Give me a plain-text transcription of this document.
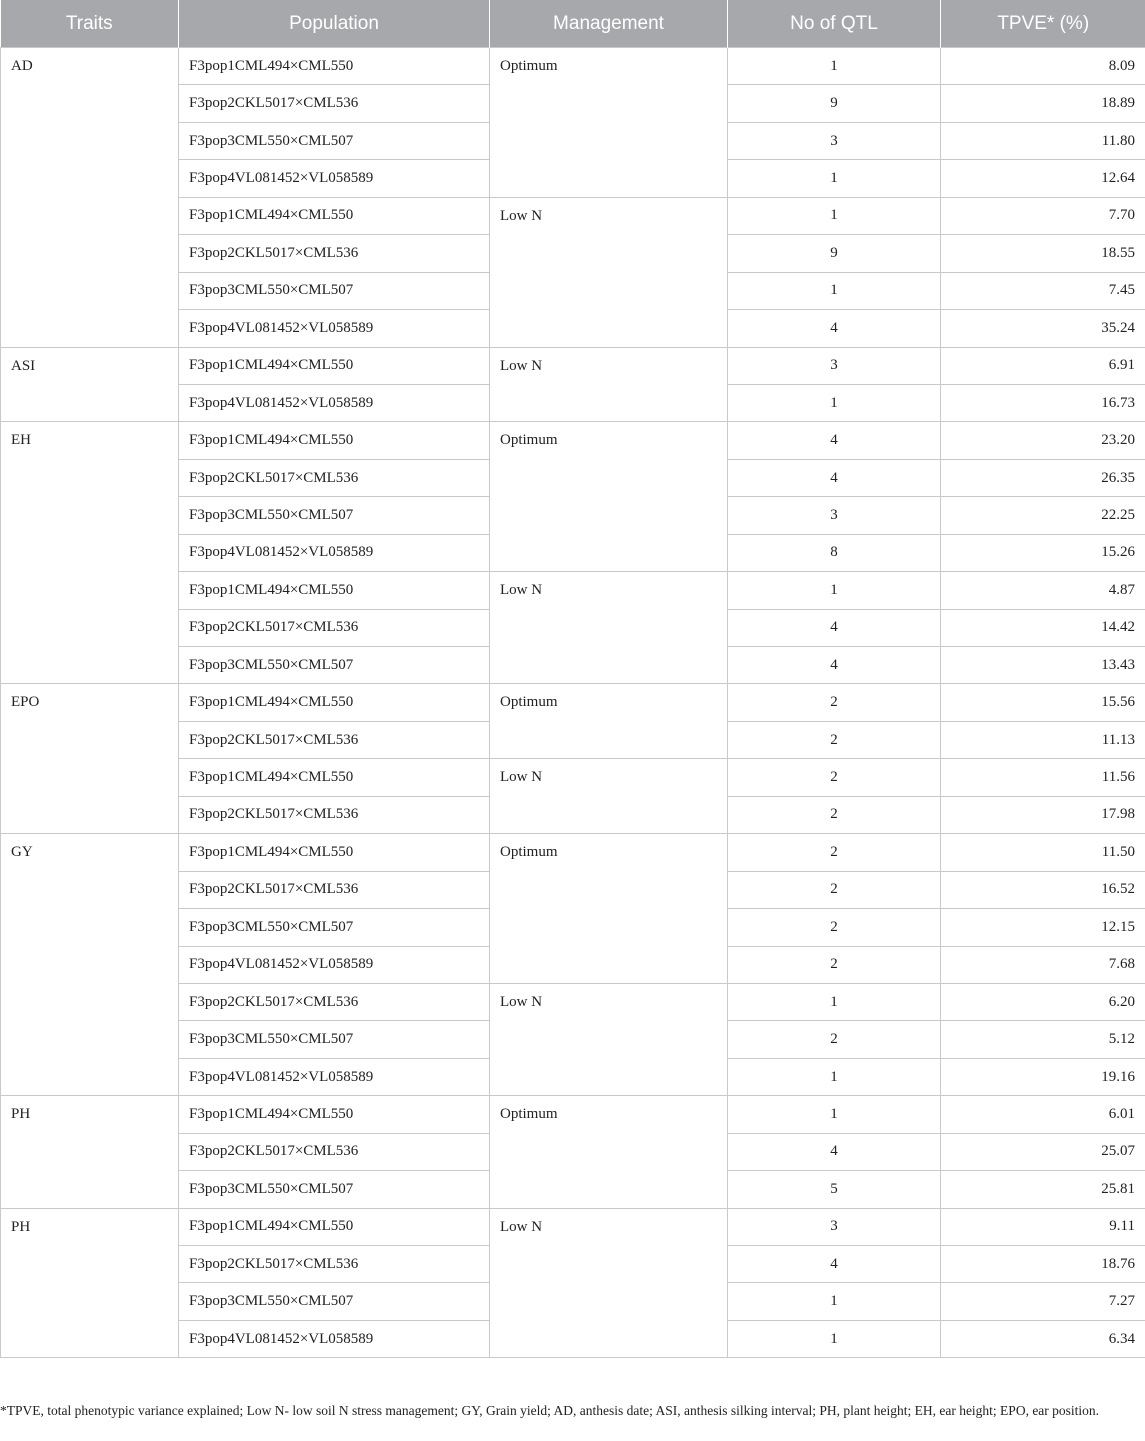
Traits	Population	Management	No of QTL	TPVE* (%)
AD	F3pop1CML494×CML550	Optimum	1	8.09
	F3pop2CKL5017×CML536		9	18.89
	F3pop3CML550×CML507		3	11.80
	F3pop4VL081452×VL058589		1	12.64
	F3pop1CML494×CML550	Low N	1	7.70
	F3pop2CKL5017×CML536		9	18.55
	F3pop3CML550×CML507		1	7.45
	F3pop4VL081452×VL058589		4	35.24
ASI	F3pop1CML494×CML550	Low N	3	6.91
	F3pop4VL081452×VL058589		1	16.73
EH	F3pop1CML494×CML550	Optimum	4	23.20
	F3pop2CKL5017×CML536		4	26.35
	F3pop3CML550×CML507		3	22.25
	F3pop4VL081452×VL058589		8	15.26
	F3pop1CML494×CML550	Low N	1	4.87
	F3pop2CKL5017×CML536		4	14.42
	F3pop3CML550×CML507		4	13.43
EPO	F3pop1CML494×CML550	Optimum	2	15.56
	F3pop2CKL5017×CML536		2	11.13
	F3pop1CML494×CML550	Low N	2	11.56
	F3pop2CKL5017×CML536		2	17.98
GY	F3pop1CML494×CML550	Optimum	2	11.50
	F3pop2CKL5017×CML536		2	16.52
	F3pop3CML550×CML507		2	12.15
	F3pop4VL081452×VL058589		2	7.68
	F3pop2CKL5017×CML536	Low N	1	6.20
	F3pop3CML550×CML507		2	5.12
	F3pop4VL081452×VL058589		1	19.16
PH	F3pop1CML494×CML550	Optimum	1	6.01
	F3pop2CKL5017×CML536		4	25.07
	F3pop3CML550×CML507		5	25.81
PH	F3pop1CML494×CML550	Low N	3	9.11
	F3pop2CKL5017×CML536		4	18.76
	F3pop3CML550×CML507		1	7.27
	F3pop4VL081452×VL058589		1	6.34
*TPVE, total phenotypic variance explained; Low N- low soil N stress management; GY, Grain yield; AD, anthesis date; ASI, anthesis silking interval; PH, plant height; EH, ear height; EPO, ear position.
